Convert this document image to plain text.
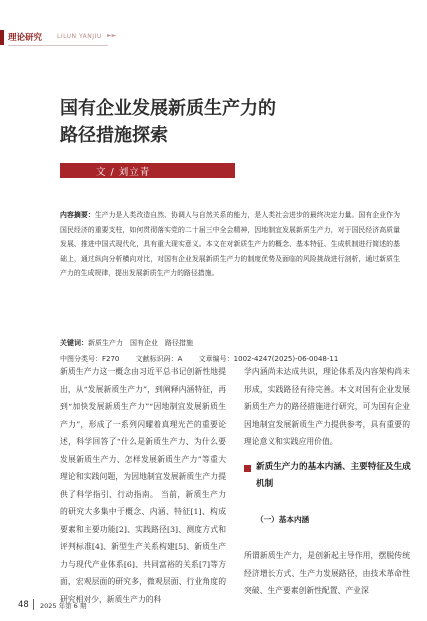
理论研究 LILUN YANJIU ►►
国有企业发展新质生产力的
路径措施探索
文 / 刘立青

内容摘要：生产力是人类改造自然、协调人与自然关系的能力，是人类社会进步的最终决定力量。国有企业作为国民经济的重要支柱，如何贯彻落实党的二十届三中全会精神，因地制宜发展新质生产力，对于国民经济高质量发展、推进中国式现代化，具有重大现实意义。本文在对新质生产力的概念、基本特征、生成机制进行简述的基础上，通过纵向分析横向对比，对国有企业发展新质生产力的制度优势及面临的风险挑战进行剖析，通过新质生产力的生成规律，提出发展新质生产力的路径措施。

关键词：新质生产力　国有企业　路径措施
中图分类号：F270 文献标识码：A 文章编号：1002-4247(2025)-06-0048-11

新质生产力这一概念由习近平总书记创新性地提出，从“发展新质生产力”，到阐释内涵特征，再到“加快发展新质生产力”“因地制宜发展新质生产力”，形成了一系列闪耀着真理光芒的重要论述，科学回答了“什么是新质生产力、为什么要发展新质生产力、怎样发展新质生产力”等重大理论和实践问题，为因地制宜发展新质生产力提供了科学指引、行动指南。 当前，新质生产力的研究大多集中于概念、内涵、特征[1]、构成要素和主要功能[2]、实践路径[3]、测度方式和评判标准[4]、新型生产关系构建[5]、新质生产力与现代产业体系[6]、共同富裕的关系[7]等方面，宏观层面的研究多，微观层面、行业角度的研究相对少，新质生产力的科

学内涵尚未达成共识，理论体系及内容架构尚未形成，实践路径有待完善。本文对国有企业发展新质生产力的路径措施进行研究，可为国有企业因地制宜发展新质生产力提供参考，具有重要的理论意义和实践应用价值。

新质生产力的基本内涵、主要特征及生成机制
（一）基本内涵

所谓新质生产力，是创新起主导作用，摆脱传统经济增长方式、生产力发展路径，由技术革命性突破、生产要素创新性配置、产业深

48 2025 年第 6 期
